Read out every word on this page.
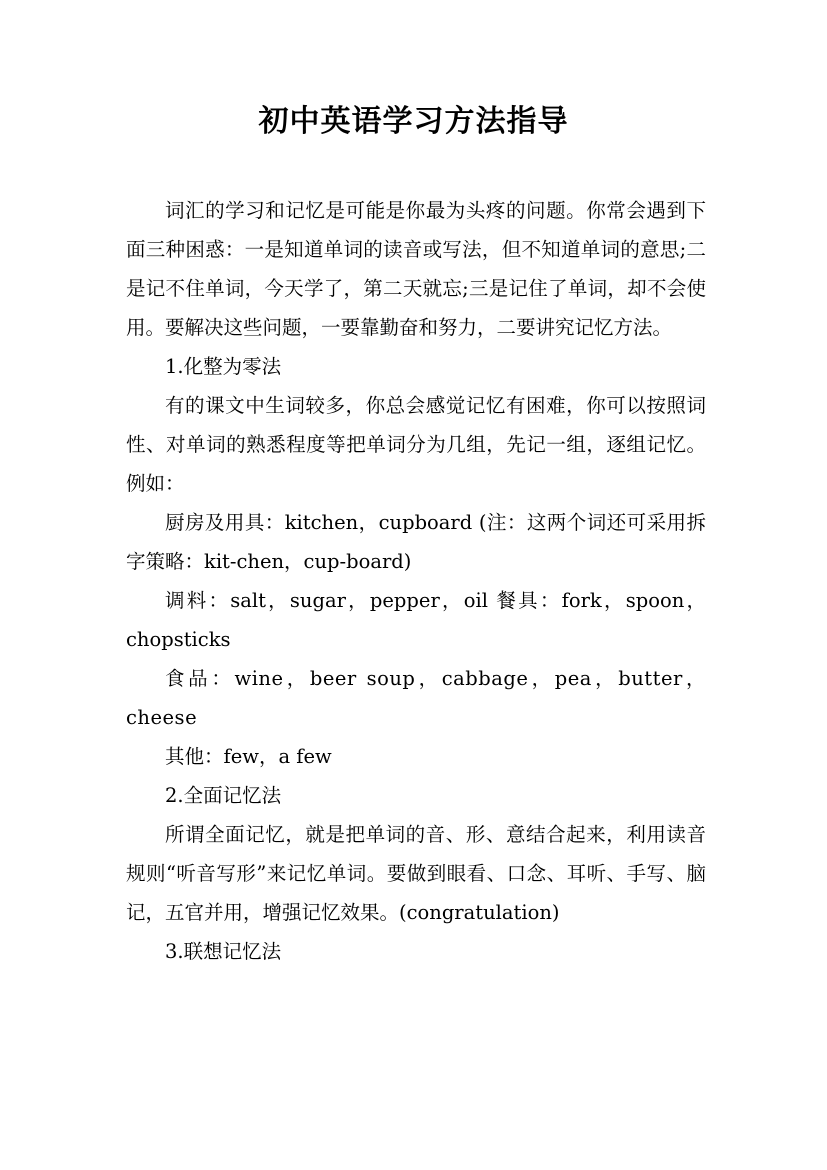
初中英语学习方法指导

词汇的学习和记忆是可能是你最为头疼的问题。你常会遇到下面三种困惑：一是知道单词的读音或写法，但不知道单词的意思;二是记不住单词，今天学了，第二天就忘;三是记住了单词，却不会使用。要解决这些问题，一要靠勤奋和努力，二要讲究记忆方法。

1.化整为零法

有的课文中生词较多，你总会感觉记忆有困难，你可以按照词性、对单词的熟悉程度等把单词分为几组，先记一组，逐组记忆。例如：

厨房及用具：kitchen，cupboard (注：这两个词还可采用拆字策略：kit-chen，cup-board)

调料：salt，sugar，pepper，oil 餐具：fork，spoon，chopsticks

食品：wine，beer soup，cabbage，pea，butter，cheese

其他：few，a few

2.全面记忆法

所谓全面记忆，就是把单词的音、形、意结合起来，利用读音规则“听音写形”来记忆单词。要做到眼看、口念、耳听、手写、脑记，五官并用，增强记忆效果。(congratulation)

3.联想记忆法
